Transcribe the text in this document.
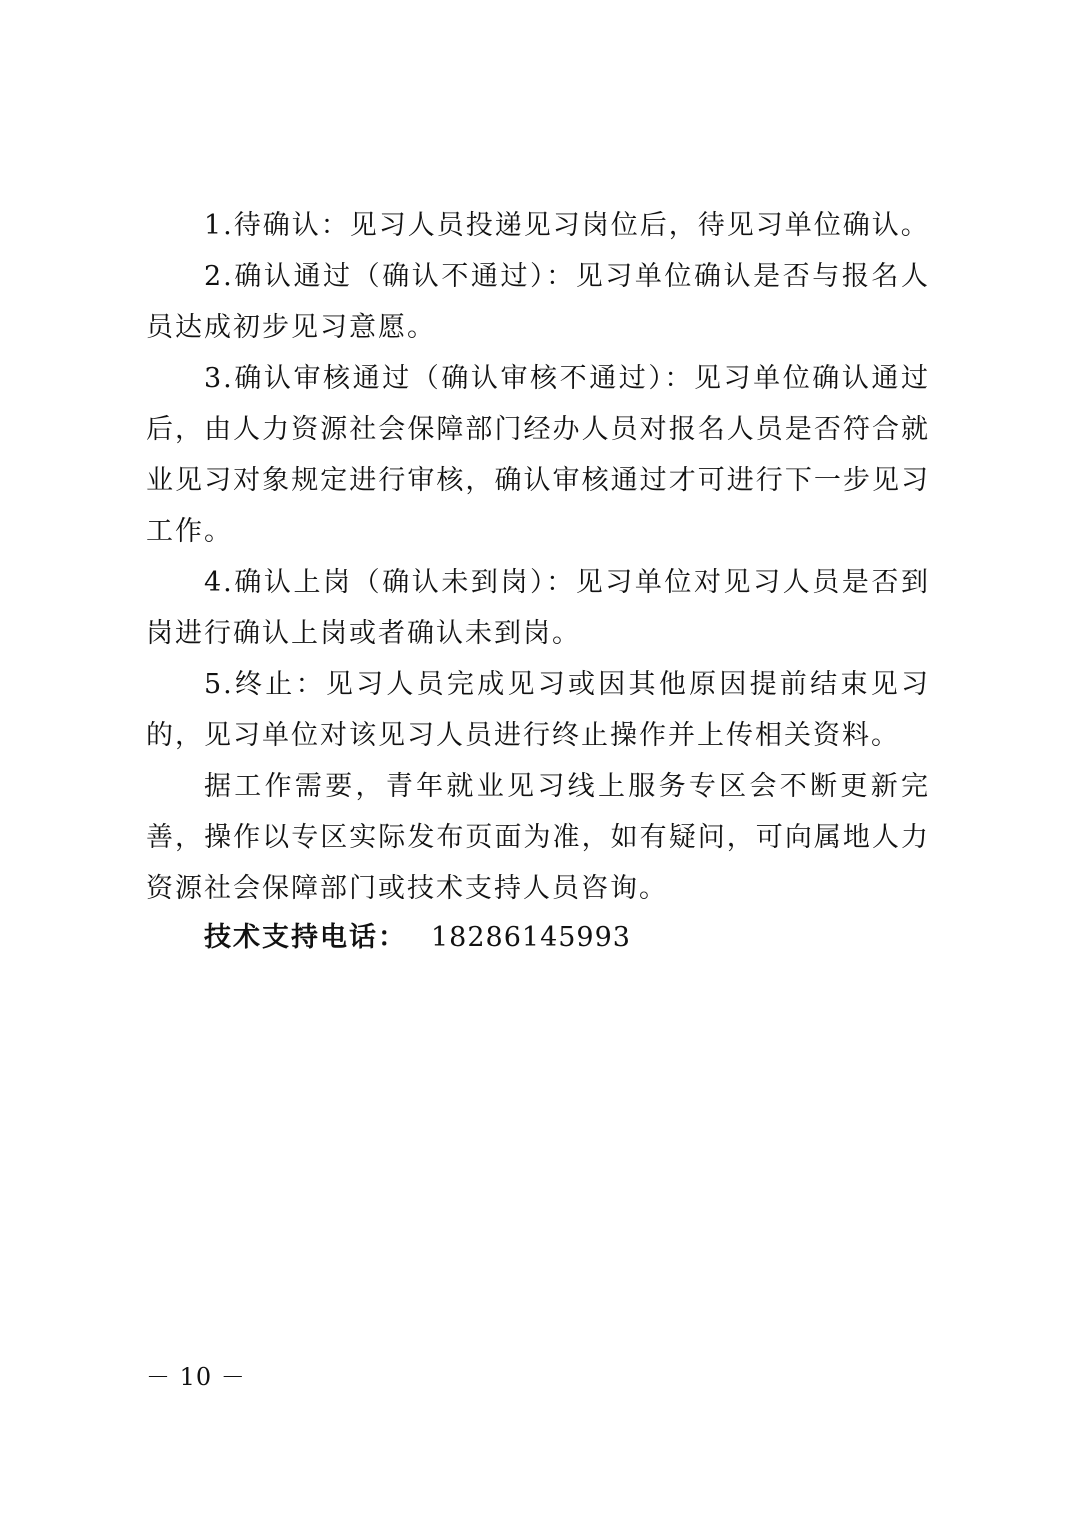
1.待确认：见习人员投递见习岗位后，待见习单位确认。

2.确认通过（确认不通过）：见习单位确认是否与报名人员达成初步见习意愿。

3.确认审核通过（确认审核不通过）：见习单位确认通过后，由人力资源社会保障部门经办人员对报名人员是否符合就业见习对象规定进行审核，确认审核通过才可进行下一步见习工作。

4.确认上岗（确认未到岗）：见习单位对见习人员是否到岗进行确认上岗或者确认未到岗。

5.终止：见习人员完成见习或因其他原因提前结束见习的，见习单位对该见习人员进行终止操作并上传相关资料。

据工作需要，青年就业见习线上服务专区会不断更新完善，操作以专区实际发布页面为准，如有疑问，可向属地人力资源社会保障部门或技术支持人员咨询。

技术支持电话： 18286145993
－ 10 －
